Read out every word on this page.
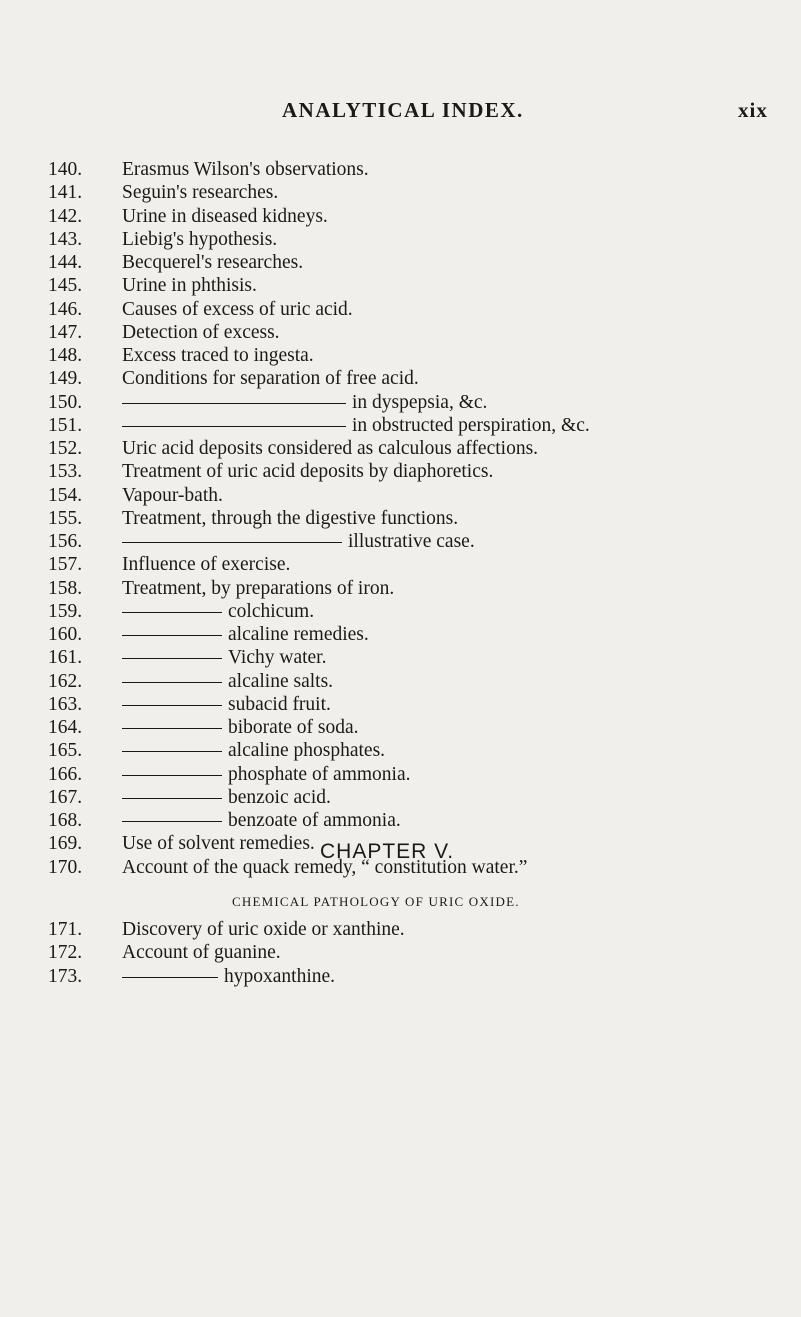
ANALYTICAL INDEX.	xix
140.	Erasmus Wilson's observations.
141.	Seguin's researches.
142.	Urine in diseased kidneys.
143.	Liebig's hypothesis.
144.	Becquerel's researches.
145.	Urine in phthisis.
146.	Causes of excess of uric acid.
147.	Detection of excess.
148.	Excess traced to ingesta.
149.	Conditions for separation of free acid.
150.	in dyspepsia, &c.
151.	in obstructed perspiration, &c.
152.	Uric acid deposits considered as calculous affections.
153.	Treatment of uric acid deposits by diaphoretics.
154.	Vapour-bath.
155.	Treatment, through the digestive functions.
156.	illustrative case.
157.	Influence of exercise.
158.	Treatment, by preparations of iron.
159.	colchicum.
160.	alcaline remedies.
161.	Vichy water.
162.	alcaline salts.
163.	subacid fruit.
164.	biborate of soda.
165.	alcaline phosphates.
166.	phosphate of ammonia.
167.	benzoic acid.
168.	benzoate of ammonia.
169.	Use of solvent remedies.
170.	Account of the quack remedy, “ constitution water.”
CHAPTER V.
CHEMICAL PATHOLOGY OF URIC OXIDE.
171.	Discovery of uric oxide or xanthine.
172.	Account of guanine.
173.	hypoxanthine.
